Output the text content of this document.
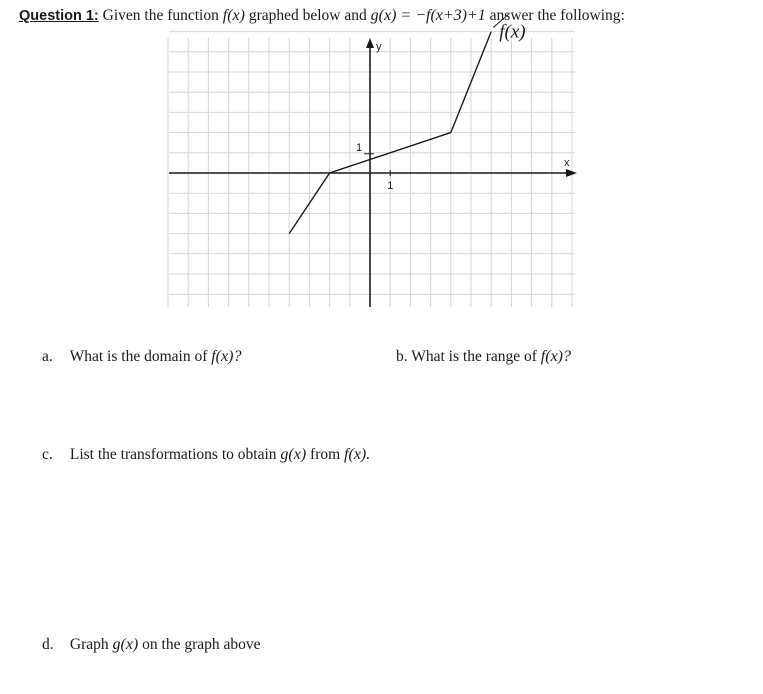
Question 1: Given the function f(x) graphed below and g(x) = −f(x+3)+1 answer the following:
y
x
1
1
f(x)
a. What is the domain of f(x)?	b. What is the range of f(x)?
c. List the transformations to obtain g(x) from f(x).
d. Graph g(x) on the graph above
